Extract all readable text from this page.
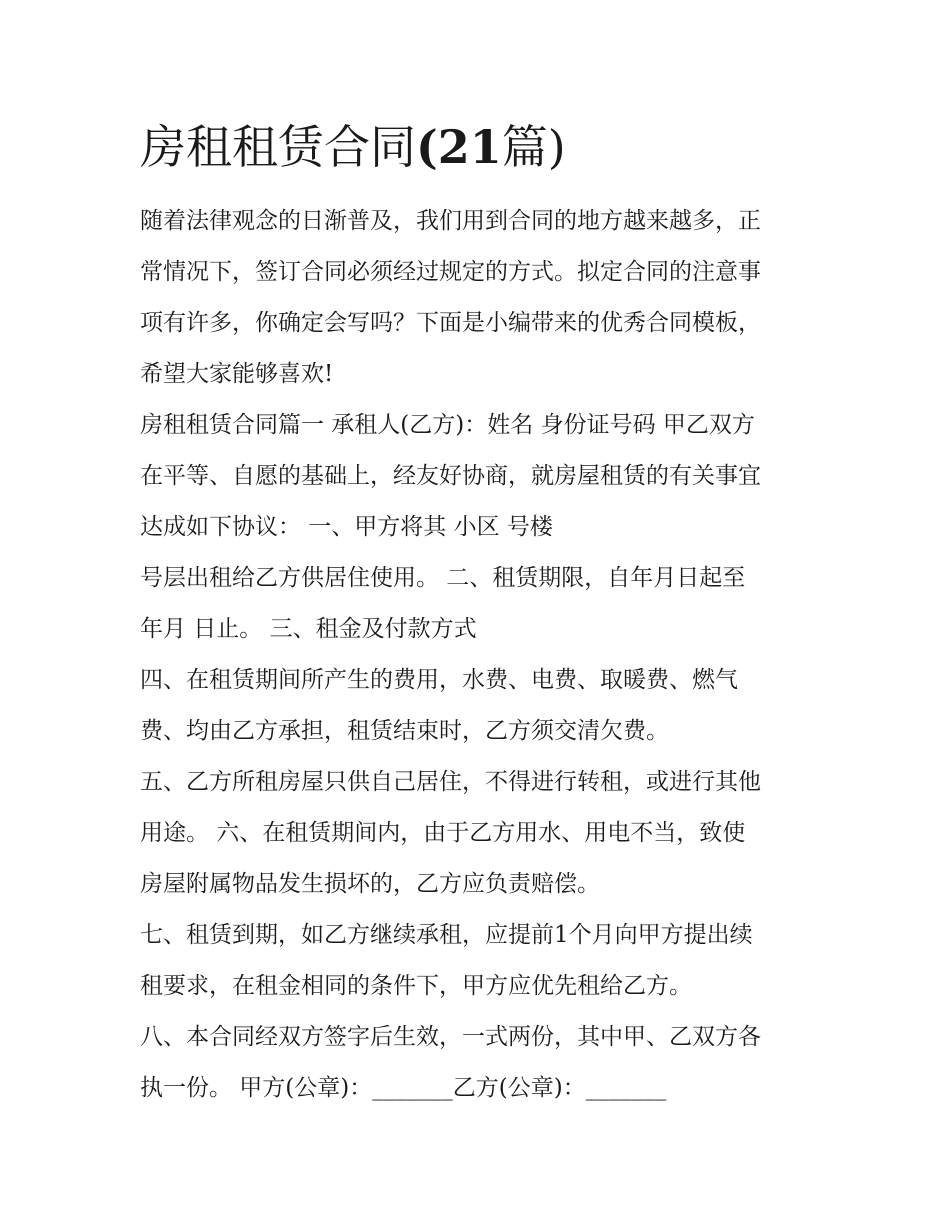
房租租赁合同(21篇)
随着法律观念的日渐普及，我们用到合同的地方越来越多，正
常情况下，签订合同必须经过规定的方式。拟定合同的注意事
项有许多，你确定会写吗？下面是小编带来的优秀合同模板，
希望大家能够喜欢!
房租租赁合同篇一 承租人(乙方)：姓名 身份证号码 甲乙双方
在平等、自愿的基础上，经友好协商，就房屋租赁的有关事宜
达成如下协议： 一、甲方将其 小区 号楼
号层出租给乙方供居住使用。 二、租赁期限，自年月日起至
年月 日止。 三、租金及付款方式
四、在租赁期间所产生的费用，水费、电费、取暖费、燃气
费、均由乙方承担，租赁结束时，乙方须交清欠费。
五、乙方所租房屋只供自己居住，不得进行转租，或进行其他
用途。 六、在租赁期间内，由于乙方用水、用电不当，致使
房屋附属物品发生损坏的，乙方应负责赔偿。
七、租赁到期，如乙方继续承租，应提前1个月向甲方提出续
租要求，在租金相同的条件下，甲方应优先租给乙方。
八、本合同经双方签字后生效，一式两份，其中甲、乙双方各
执一份。 甲方(公章)：_______乙方(公章)：_______
